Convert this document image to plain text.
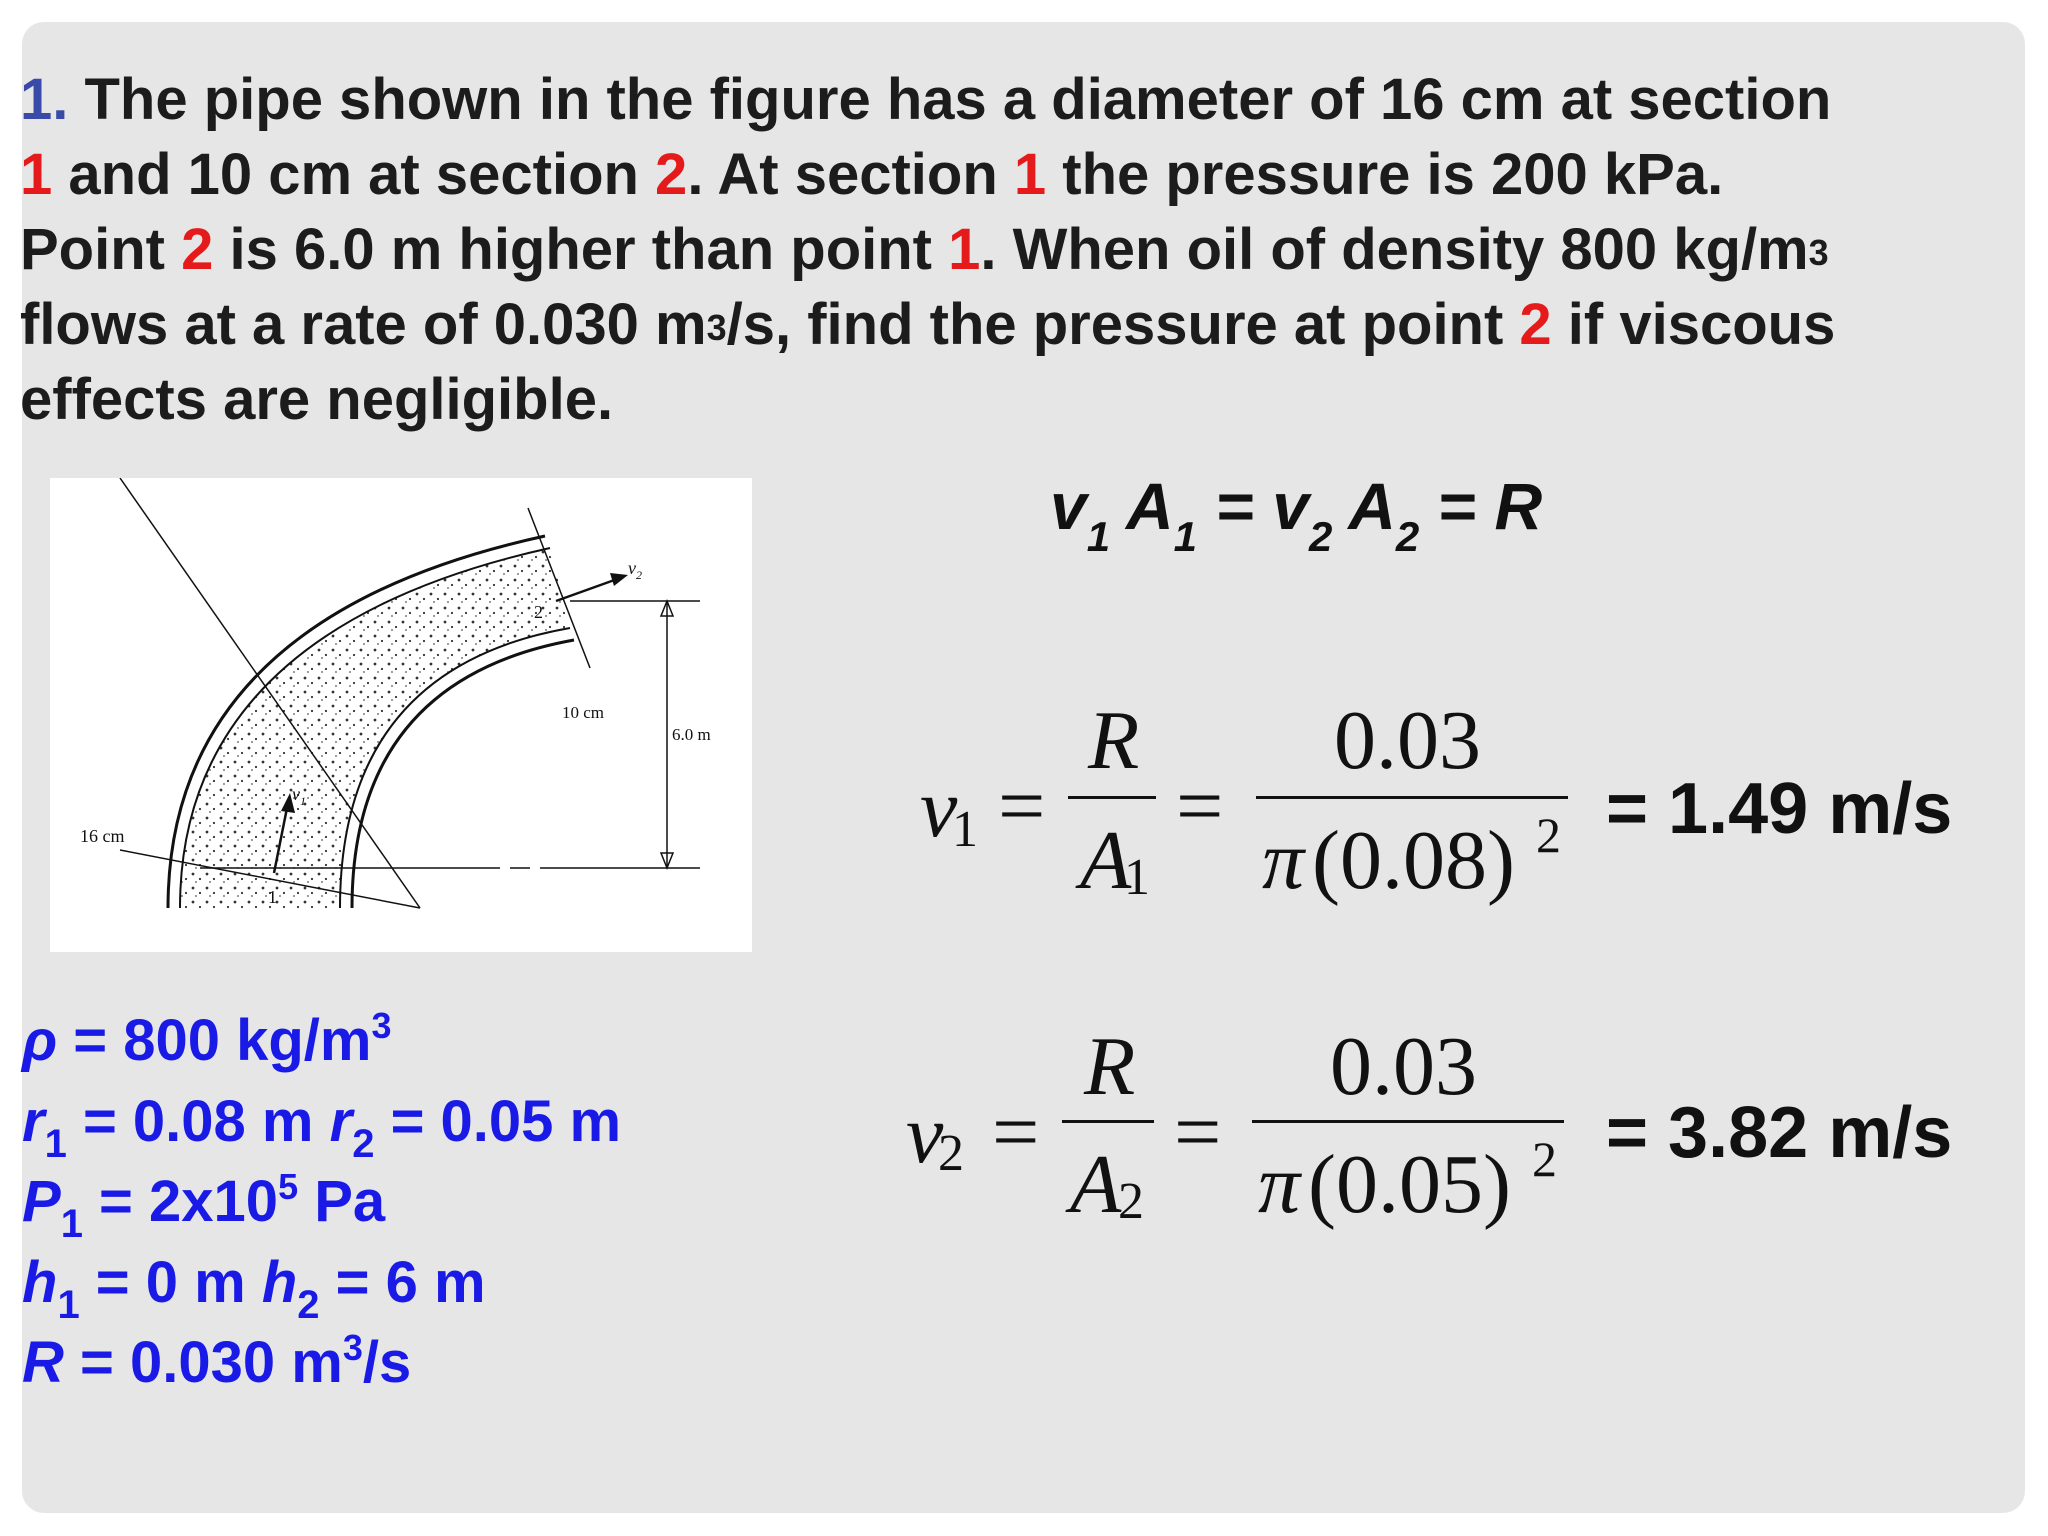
1. The pipe shown in the figure has a diameter of 16 cm at section
1 and 10 cm at section 2. At section 1 the pressure is 200 kPa.
Point 2 is 6.0 m higher than point 1. When oil of density 800 $kg/m^3$
flows at a rate of 0.030 $m^3/s$, find the pressure at point 2 if viscous
effects are negligible.
16 cm
10 cm
6.0 m
1
2
$v_1$
$v_2$
$v_1$ $A_1 = v_2$ $A_2 = R$
v
1 =
R
A
1
=
0.03
π (0.08) 2 = 1.49 m/s
v
2 =
R
A
2
=
0.03
π (0.05) 2 = 3.82 m/s
ρ = 800 $kg/m^3$
$r_1 = 0.08$ m $r_2 = 0.05$ m
$P_1 = 2x10^5$ Pa
$h_1 = 0$ m $h_2 = 6$ m
R = 0.030 $m^3/s$
